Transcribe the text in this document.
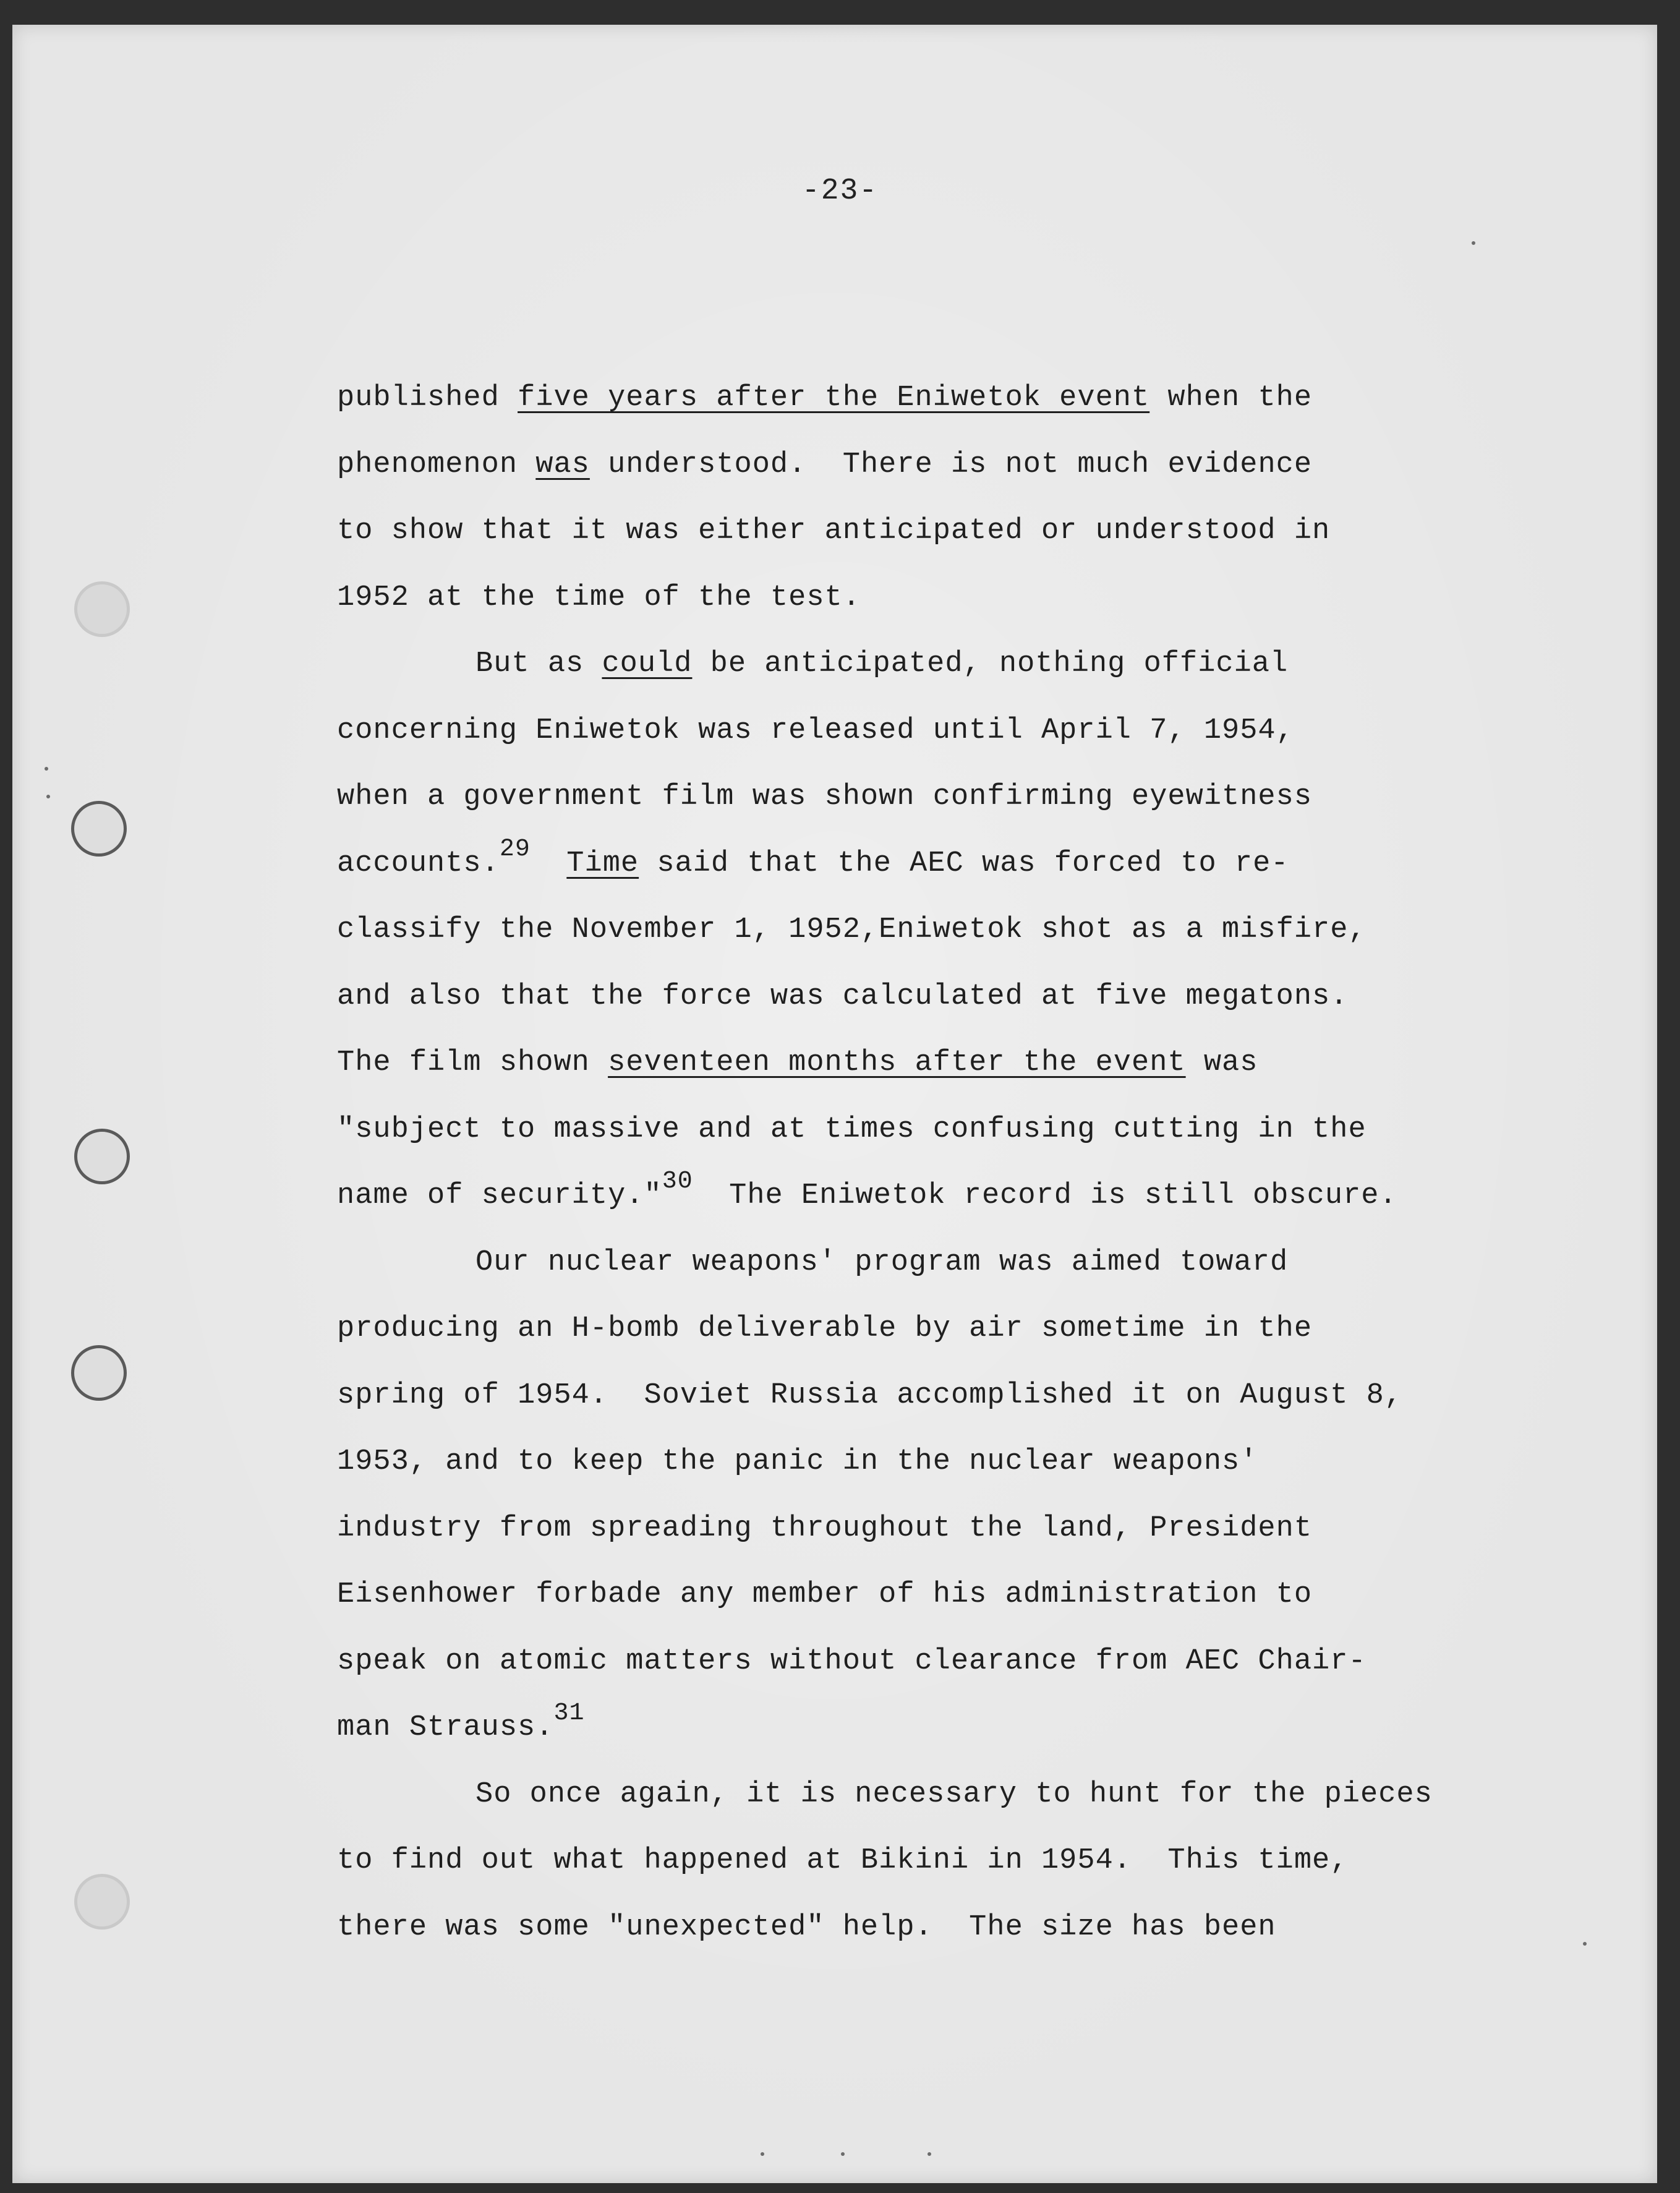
-23-
published five years after the Eniwetok event when the
phenomenon was understood.  There is not much evidence
to show that it was either anticipated or understood in
1952 at the time of the test.
But as could be anticipated, nothing official
concerning Eniwetok was released until April 7, 1954,
when a government film was shown confirming eyewitness
accounts.$^{29}$ Time said that the AEC was forced to re-
classify the November 1, 1952,Eniwetok shot as a misfire,
and also that the force was calculated at five megatons.
The film shown seventeen months after the event was
"subject to massive and at times confusing cutting in the
name of security."$^{30}$  The Eniwetok record is still obscure.
Our nuclear weapons' program was aimed toward
producing an H-bomb deliverable by air sometime in the
spring of 1954.  Soviet Russia accomplished it on August 8,
1953, and to keep the panic in the nuclear weapons'
industry from spreading throughout the land, President
Eisenhower forbade any member of his administration to
speak on atomic matters without clearance from AEC Chair-
man Strauss.$^{31}$
So once again, it is necessary to hunt for the pieces
to find out what happened at Bikini in 1954.  This time,
there was some "unexpected" help.  The size has been
